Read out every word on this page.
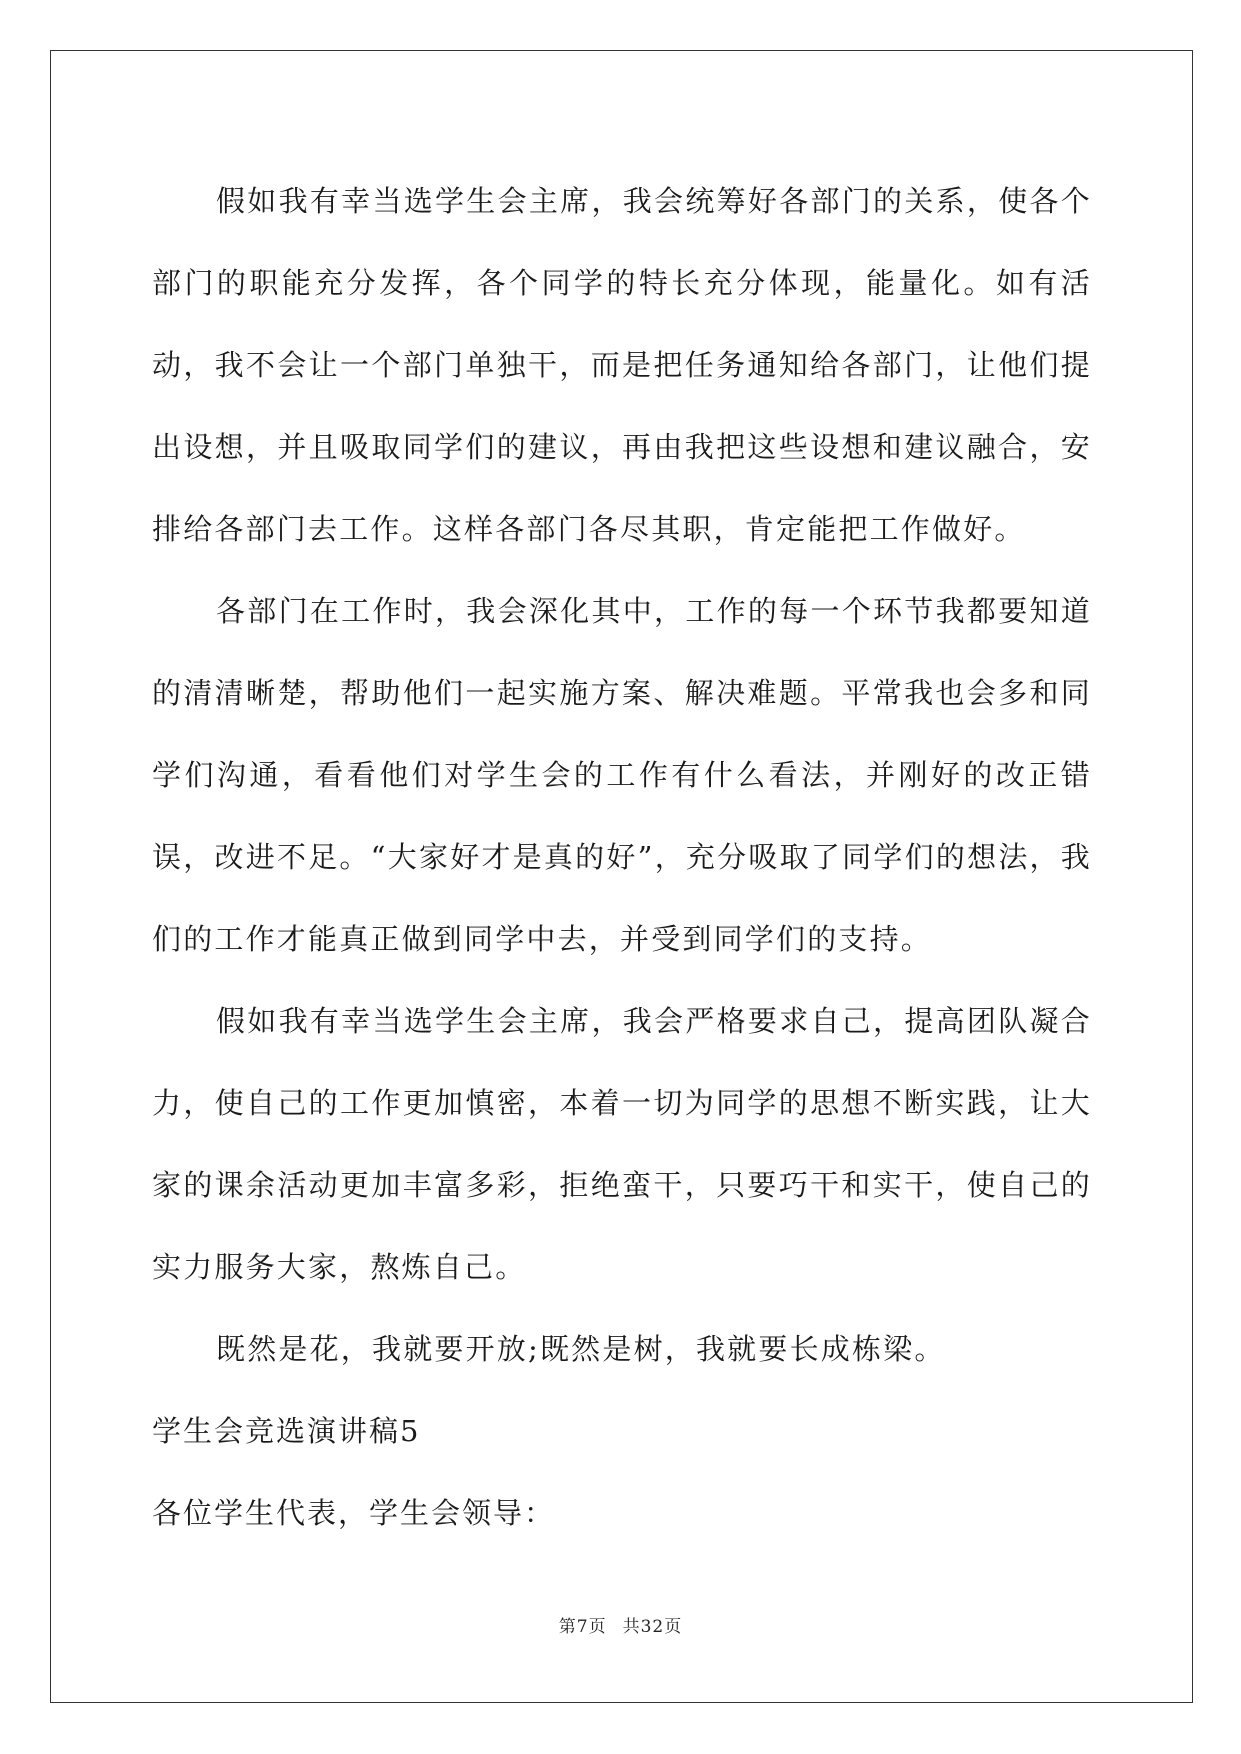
假如我有幸当选学生会主席，我会统筹好各部门的关系，使各个部门的职能充分发挥，各个同学的特长充分体现，能量化。如有活动，我不会让一个部门单独干，而是把任务通知给各部门，让他们提出设想，并且吸取同学们的建议，再由我把这些设想和建议融合，安排给各部门去工作。这样各部门各尽其职，肯定能把工作做好。

各部门在工作时，我会深化其中，工作的每一个环节我都要知道的清清晰楚，帮助他们一起实施方案、解决难题。平常我也会多和同学们沟通，看看他们对学生会的工作有什么看法，并刚好的改正错误，改进不足。“大家好才是真的好”，充分吸取了同学们的想法，我们的工作才能真正做到同学中去，并受到同学们的支持。

假如我有幸当选学生会主席，我会严格要求自己，提高团队凝合力，使自己的工作更加慎密，本着一切为同学的思想不断实践，让大家的课余活动更加丰富多彩，拒绝蛮干，只要巧干和实干，使自己的实力服务大家，熬炼自己。

既然是花，我就要开放;既然是树，我就要长成栋梁。

学生会竞选演讲稿5

各位学生代表，学生会领导：

第7页 共32页
